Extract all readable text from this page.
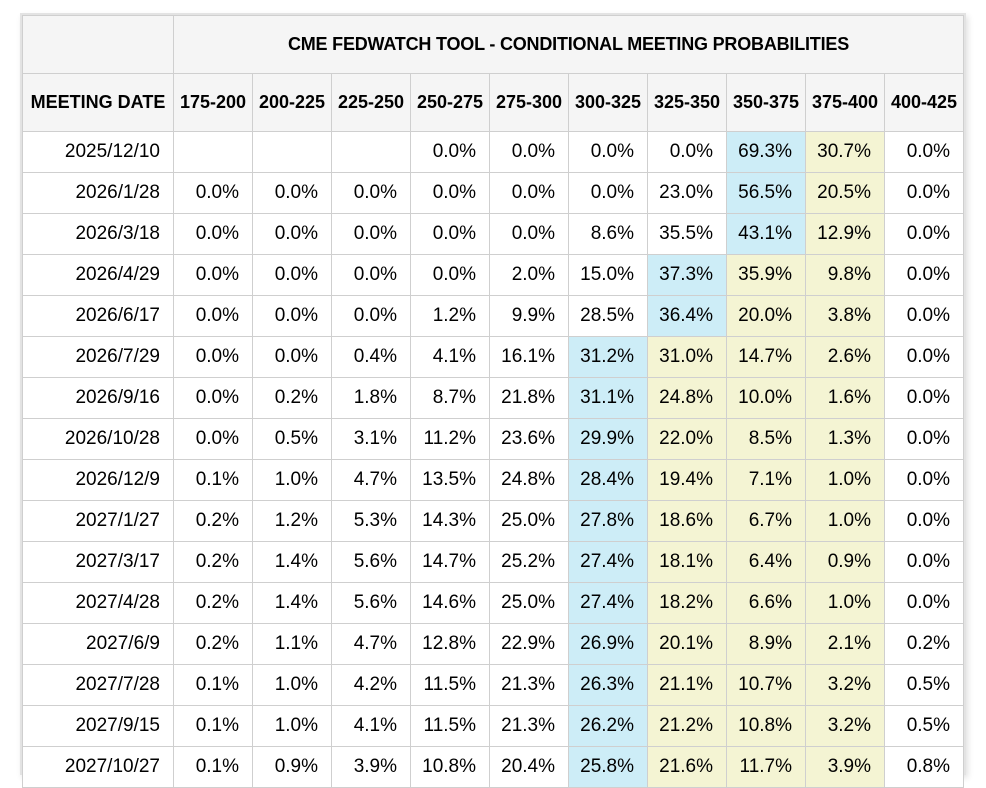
	CME FEDWATCH TOOL - CONDITIONAL MEETING PROBABILITIES									
MEETING DATE	175-200	200-225	225-250	250-275	275-300	300-325	325-350	350-375	375-400	400-425
2025/12/10				0.0%	0.0%	0.0%	0.0%	69.3%	30.7%	0.0%
2026/1/28	0.0%	0.0%	0.0%	0.0%	0.0%	0.0%	23.0%	56.5%	20.5%	0.0%
2026/3/18	0.0%	0.0%	0.0%	0.0%	0.0%	8.6%	35.5%	43.1%	12.9%	0.0%
2026/4/29	0.0%	0.0%	0.0%	0.0%	2.0%	15.0%	37.3%	35.9%	9.8%	0.0%
2026/6/17	0.0%	0.0%	0.0%	1.2%	9.9%	28.5%	36.4%	20.0%	3.8%	0.0%
2026/7/29	0.0%	0.0%	0.4%	4.1%	16.1%	31.2%	31.0%	14.7%	2.6%	0.0%
2026/9/16	0.0%	0.2%	1.8%	8.7%	21.8%	31.1%	24.8%	10.0%	1.6%	0.0%
2026/10/28	0.0%	0.5%	3.1%	11.2%	23.6%	29.9%	22.0%	8.5%	1.3%	0.0%
2026/12/9	0.1%	1.0%	4.7%	13.5%	24.8%	28.4%	19.4%	7.1%	1.0%	0.0%
2027/1/27	0.2%	1.2%	5.3%	14.3%	25.0%	27.8%	18.6%	6.7%	1.0%	0.0%
2027/3/17	0.2%	1.4%	5.6%	14.7%	25.2%	27.4%	18.1%	6.4%	0.9%	0.0%
2027/4/28	0.2%	1.4%	5.6%	14.6%	25.0%	27.4%	18.2%	6.6%	1.0%	0.0%
2027/6/9	0.2%	1.1%	4.7%	12.8%	22.9%	26.9%	20.1%	8.9%	2.1%	0.2%
2027/7/28	0.1%	1.0%	4.2%	11.5%	21.3%	26.3%	21.1%	10.7%	3.2%	0.5%
2027/9/15	0.1%	1.0%	4.1%	11.5%	21.3%	26.2%	21.2%	10.8%	3.2%	0.5%
2027/10/27	0.1%	0.9%	3.9%	10.8%	20.4%	25.8%	21.6%	11.7%	3.9%	0.8%
